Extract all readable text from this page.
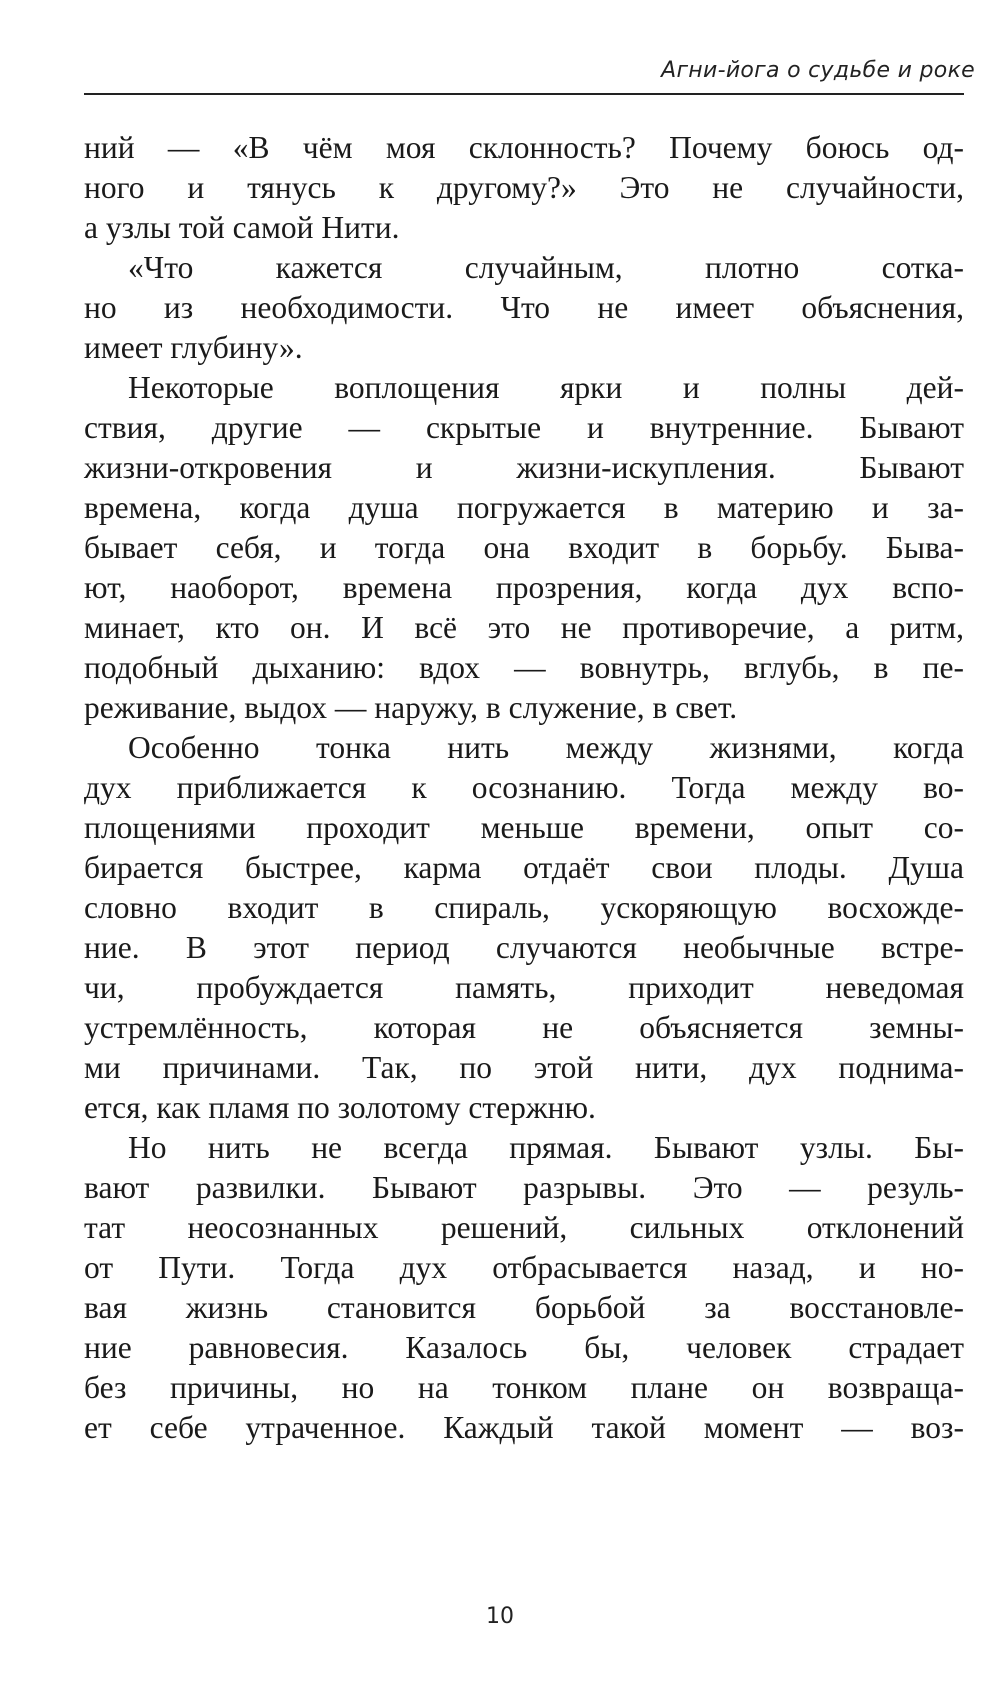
Агни-йога о судьбе и роке
ний — «В чём моя склонность? Почему боюсь од-
ного и тянусь к другому?» Это не случайности,
а узлы той самой Нити.
«Что кажется случайным, плотно сотка-
но из необходимости. Что не имеет объяснения,
имеет глубину».
Некоторые воплощения ярки и полны дей-
ствия, другие — скрытые и внутренние. Бывают
жизни-откровения и жизни-искупления. Бывают
времена, когда душа погружается в материю и за-
бывает себя, и тогда она входит в борьбу. Быва-
ют, наоборот, времена прозрения, когда дух вспо-
минает, кто он. И всё это не противоречие, а ритм,
подобный дыханию: вдох — вовнутрь, вглубь, в пе-
реживание, выдох — наружу, в служение, в свет.
Особенно тонка нить между жизнями, когда
дух приближается к осознанию. Тогда между во-
площениями проходит меньше времени, опыт со-
бирается быстрее, карма отдаёт свои плоды. Душа
словно входит в спираль, ускоряющую восхожде-
ние. В этот период случаются необычные встре-
чи, пробуждается память, приходит неведомая
устремлённость, которая не объясняется земны-
ми причинами. Так, по этой нити, дух поднима-
ется, как пламя по золотому стержню.
Но нить не всегда прямая. Бывают узлы. Бы-
вают развилки. Бывают разрывы. Это — резуль-
тат неосознанных решений, сильных отклонений
от Пути. Тогда дух отбрасывается назад, и но-
вая жизнь становится борьбой за восстановле-
ние равновесия. Казалось бы, человек страдает
без причины, но на тонком плане он возвраща-
ет себе утраченное. Каждый такой момент — воз-
10
